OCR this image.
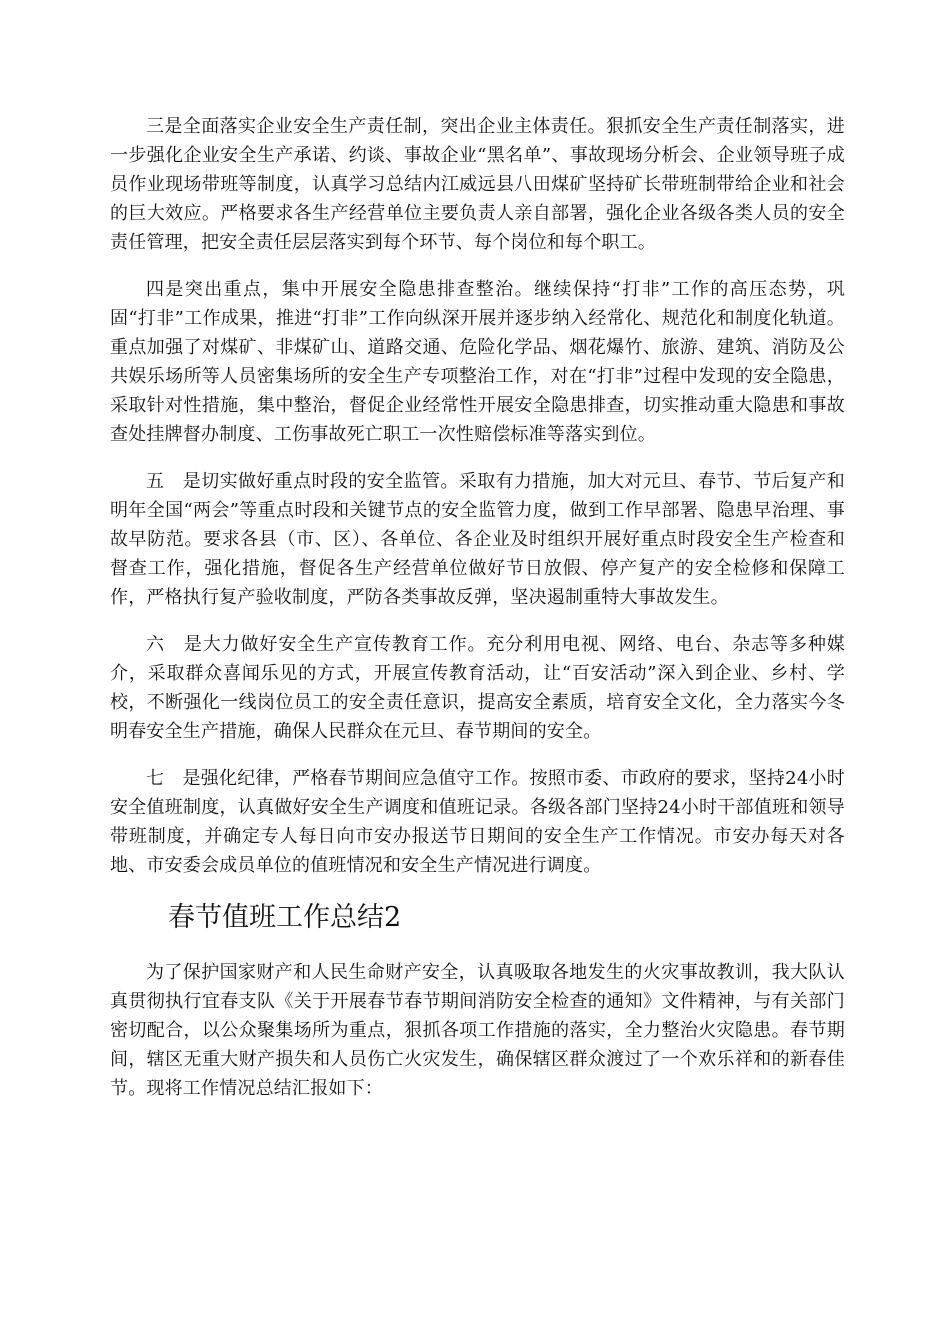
三是全面落实企业安全生产责任制，突出企业主体责任。狠抓安全生产责任制落实，进一步强化企业安全生产承诺、约谈、事故企业“黑名单”、事故现场分析会、企业领导班子成员作业现场带班等制度，认真学习总结内江威远县八田煤矿坚持矿长带班制带给企业和社会的巨大效应。严格要求各生产经营单位主要负责人亲自部署，强化企业各级各类人员的安全责任管理，把安全责任层层落实到每个环节、每个岗位和每个职工。

四是突出重点，集中开展安全隐患排查整治。继续保持“打非”工作的高压态势，巩固“打非”工作成果，推进“打非”工作向纵深开展并逐步纳入经常化、规范化和制度化轨道。重点加强了对煤矿、非煤矿山、道路交通、危险化学品、烟花爆竹、旅游、建筑、消防及公共娱乐场所等人员密集场所的安全生产专项整治工作，对在“打非”过程中发现的安全隐患，采取针对性措施，集中整治，督促企业经常性开展安全隐患排查，切实推动重大隐患和事故查处挂牌督办制度、工伤事故死亡职工一次性赔偿标准等落实到位。

五　是切实做好重点时段的安全监管。采取有力措施，加大对元旦、春节、节后复产和明年全国“两会”等重点时段和关键节点的安全监管力度，做到工作早部署、隐患早治理、事故早防范。要求各县（市、区）、各单位、各企业及时组织开展好重点时段安全生产检查和督查工作，强化措施，督促各生产经营单位做好节日放假、停产复产的安全检修和保障工作，严格执行复产验收制度，严防各类事故反弹，坚决遏制重特大事故发生。

六　是大力做好安全生产宣传教育工作。充分利用电视、网络、电台、杂志等多种媒介，采取群众喜闻乐见的方式，开展宣传教育活动，让“百安活动”深入到企业、乡村、学校，不断强化一线岗位员工的安全责任意识，提高安全素质，培育安全文化，全力落实今冬明春安全生产措施，确保人民群众在元旦、春节期间的安全。

七　是强化纪律，严格春节期间应急值守工作。按照市委、市政府的要求，坚持24小时安全值班制度，认真做好安全生产调度和值班记录。各级各部门坚持24小时干部值班和领导带班制度，并确定专人每日向市安办报送节日期间的安全生产工作情况。市安办每天对各地、市安委会成员单位的值班情况和安全生产情况进行调度。

春节值班工作总结2

为了保护国家财产和人民生命财产安全，认真吸取各地发生的火灾事故教训，我大队认真贯彻执行宜春支队《关于开展春节春节期间消防安全检查的通知》文件精神，与有关部门密切配合，以公众聚集场所为重点，狠抓各项工作措施的落实，全力整治火灾隐患。春节期间，辖区无重大财产损失和人员伤亡火灾发生，确保辖区群众渡过了一个欢乐祥和的新春佳节。现将工作情况总结汇报如下：
